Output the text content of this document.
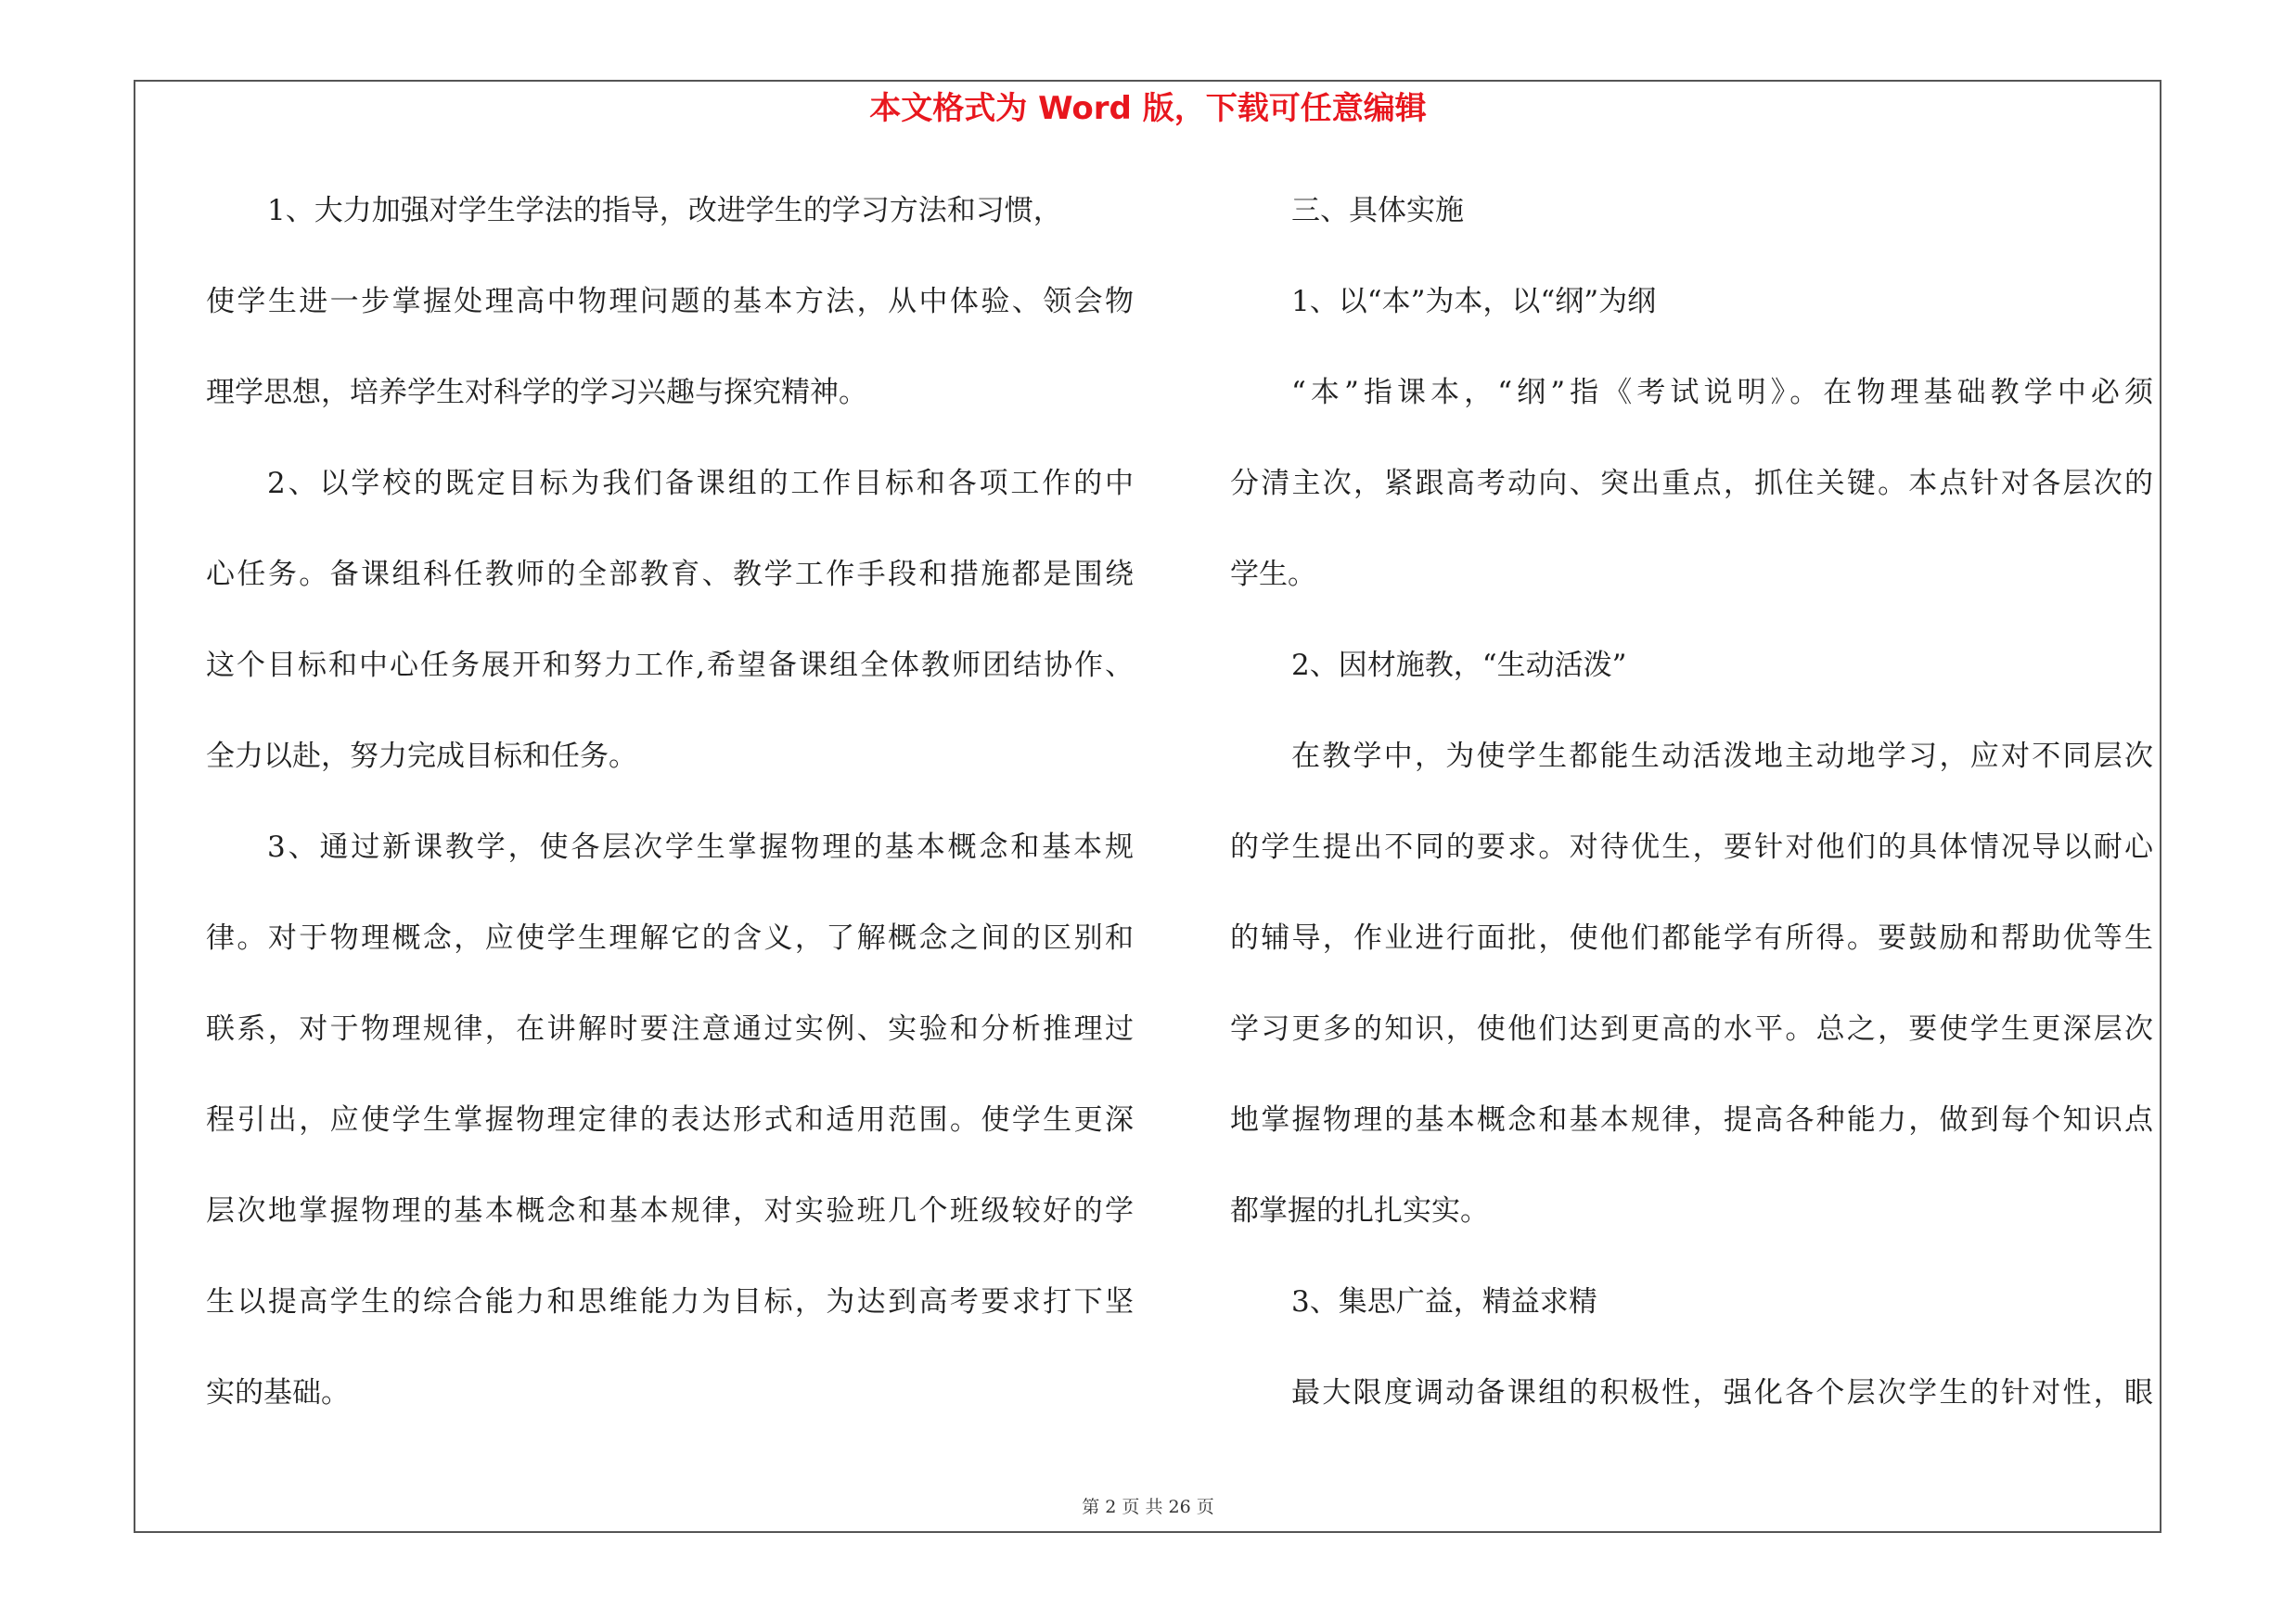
本文格式为 Word 版，下载可任意编辑
1、大力加强对学生学法的指导，改进学生的学习方法和习惯，
使学生进一步掌握处理高中物理问题的基本方法，从中体验、领会物
理学思想，培养学生对科学的学习兴趣与探究精神。
2、以学校的既定目标为我们备课组的工作目标和各项工作的中
心任务。备课组科任教师的全部教育、教学工作手段和措施都是围绕
这个目标和中心任务展开和努力工作,希望备课组全体教师团结协作、
全力以赴，努力完成目标和任务。
3、通过新课教学，使各层次学生掌握物理的基本概念和基本规
律。对于物理概念，应使学生理解它的含义，了解概念之间的区别和
联系，对于物理规律，在讲解时要注意通过实例、实验和分析推理过
程引出，应使学生掌握物理定律的表达形式和适用范围。使学生更深
层次地掌握物理的基本概念和基本规律，对实验班几个班级较好的学
生以提高学生的综合能力和思维能力为目标，为达到高考要求打下坚
实的基础。
三、具体实施
1、以“本”为本，以“纲”为纲
“本”指课本，“纲”指《考试说明》。在物理基础教学中必须
分清主次，紧跟高考动向、突出重点，抓住关键。本点针对各层次的
学生。
2、因材施教，“生动活泼”
在教学中，为使学生都能生动活泼地主动地学习，应对不同层次
的学生提出不同的要求。对待优生，要针对他们的具体情况导以耐心
的辅导，作业进行面批，使他们都能学有所得。要鼓励和帮助优等生
学习更多的知识，使他们达到更高的水平。总之，要使学生更深层次
地掌握物理的基本概念和基本规律，提高各种能力，做到每个知识点
都掌握的扎扎实实。
3、集思广益，精益求精
最大限度调动备课组的积极性，强化各个层次学生的针对性，眼
第 2 页 共 26 页
